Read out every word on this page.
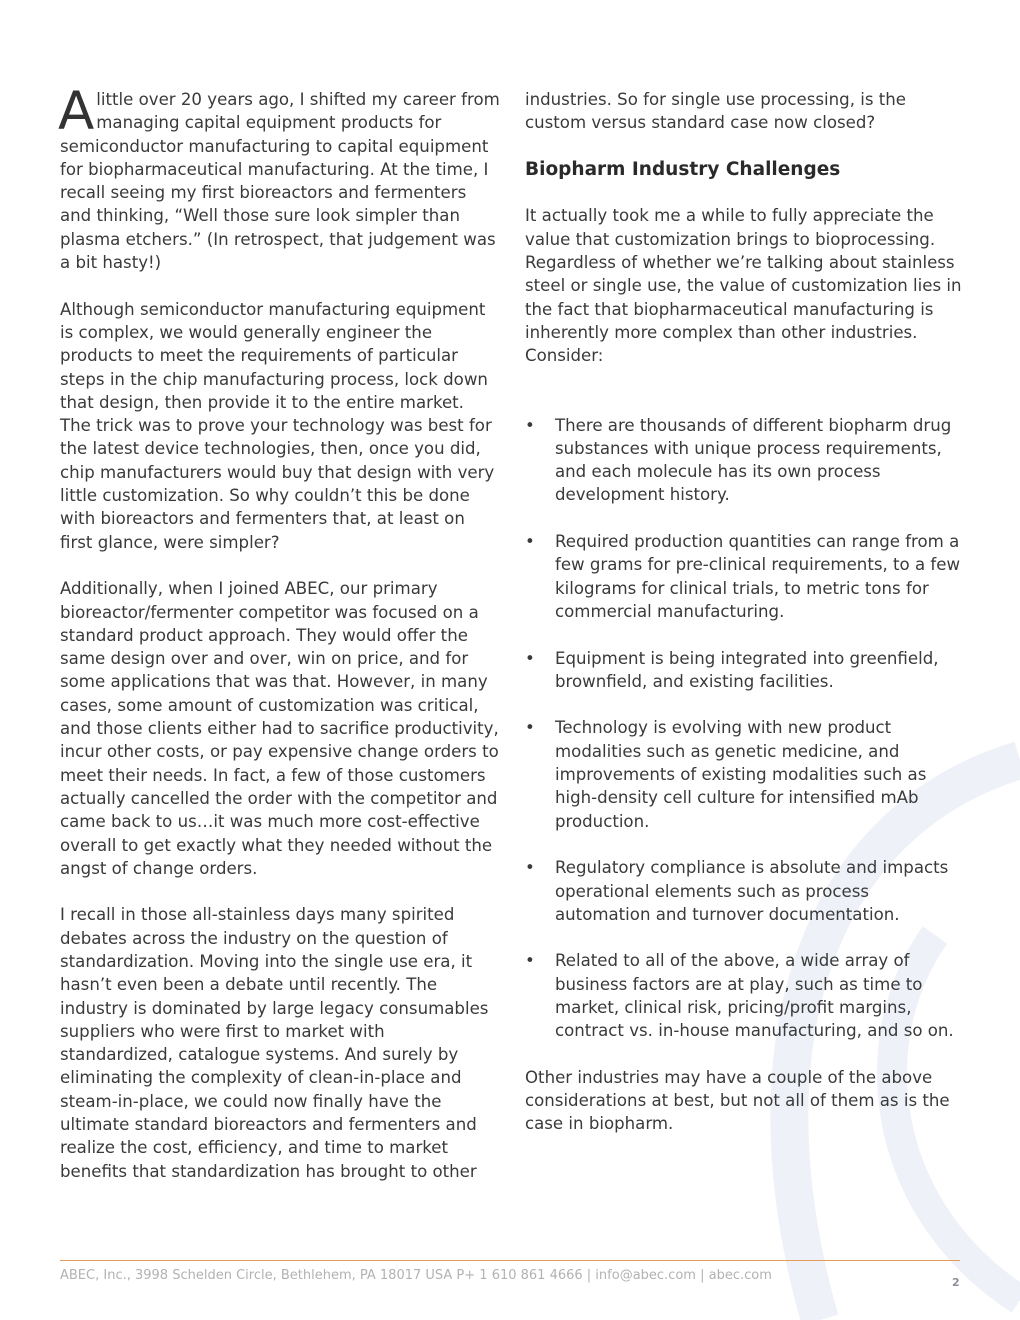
Alittle over 20 years ago, I shifted my career from managing capital equipment products for semiconductor manufacturing to capital equipment for biopharmaceutical manufacturing. At the time, I recall seeing my first bioreactors and fermenters and thinking, “Well those sure look simpler than plasma etchers.” (In retrospect, that judgement was a bit hasty!)

Although semiconductor manufacturing equipment is complex, we would generally engineer the products to meet the requirements of particular steps in the chip manufacturing process, lock down that design, then provide it to the entire market. The trick was to prove your technology was best for the latest device technologies, then, once you did, chip manufacturers would buy that design with very little customization. So why couldn’t this be done with bioreactors and fermenters that, at least on first glance, were simpler?

Additionally, when I joined ABEC, our primary bioreactor/fermenter competitor was focused on a standard product approach. They would offer the same design over and over, win on price, and for some applications that was that. However, in many cases, some amount of customization was critical, and those clients either had to sacrifice productivity, incur other costs, or pay expensive change orders to meet their needs. In fact, a few of those customers actually cancelled the order with the competitor and came back to us…it was much more cost-effective overall to get exactly what they needed without the angst of change orders.

I recall in those all-stainless days many spirited debates across the industry on the question of standardization. Moving into the single use era, it hasn’t even been a debate until recently. The industry is dominated by large legacy consumables suppliers who were first to market with standardized, catalogue systems. And surely by eliminating the complexity of clean-in-place and steam-in-place, we could now finally have the ultimate standard bioreactors and fermenters and realize the cost, efficiency, and time to market benefits that standardization has brought to other

industries. So for single use processing, is the custom versus standard case now closed?

Biopharm Industry Challenges

It actually took me a while to fully appreciate the value that customization brings to bioprocessing. Regardless of whether we’re talking about stainless steel or single use, the value of customization lies in the fact that biopharmaceutical manufacturing is inherently more complex than other industries. Consider:

• There are thousands of different biopharm drug substances with unique process requirements, and each molecule has its own process development history.
• Required production quantities can range from a few grams for pre-clinical requirements, to a few kilograms for clinical trials, to metric tons for commercial manufacturing.
• Equipment is being integrated into greenfield, brownfield, and existing facilities.
• Technology is evolving with new product modalities such as genetic medicine, and improvements of existing modalities such as high-density cell culture for intensified mAb production.
• Regulatory compliance is absolute and impacts operational elements such as process automation and turnover documentation.
• Related to all of the above, a wide array of business factors are at play, such as time to market, clinical risk, pricing/profit margins, contract vs. in-house manufacturing, and so on.

Other industries may have a couple of the above considerations at best, but not all of them as is the case in biopharm.

ABEC, Inc., 3998 Schelden Circle, Bethlehem, PA 18017 USA P+ 1 610 861 4666 | info@abec.com | abec.com	2
